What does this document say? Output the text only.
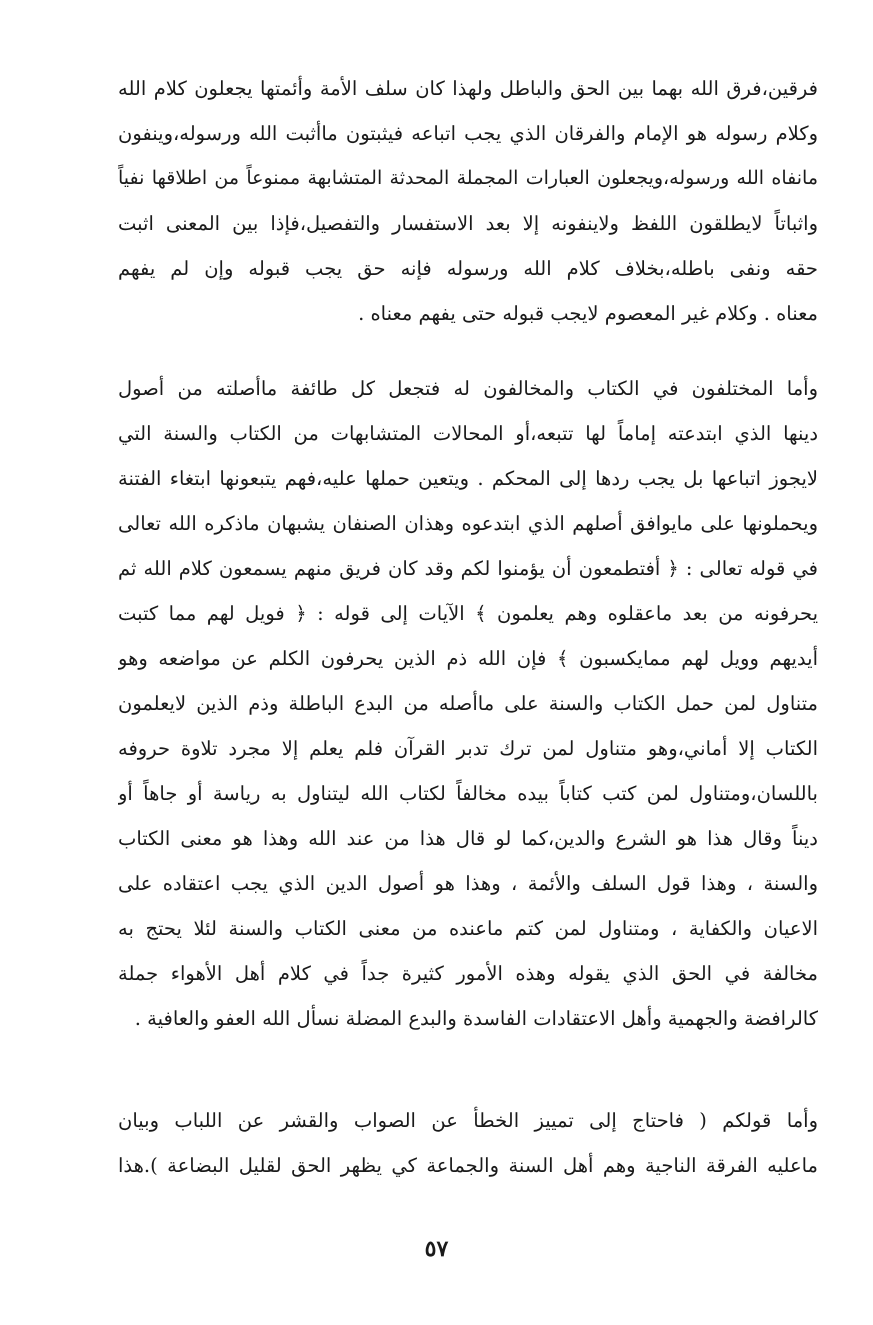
فرقين،فرق الله بهما بين الحق والباطل ولهذا كان سلف الأمة وأئمتها يجعلون كلام الله
وكلام رسوله هو الإمام والفرقان الذي يجب اتباعه فيثبتون ماأثبت الله ورسوله،وينفون
مانفاه الله ورسوله،ويجعلون العبارات المجملة المحدثة المتشابهة ممنوعاً من اطلاقها نفياً
واثباتاً لايطلقون اللفظ ولاينفونه إلا بعد الاستفسار والتفصيل،فإذا بين المعنى اثبت
حقه ونفى باطله،بخلاف كلام الله ورسوله فإنه حق يجب قبوله وإن لم يفهم
معناه . وكلام غير المعصوم لايجب قبوله حتى يفهم معناه .
وأما المختلفون في الكتاب والمخالفون له فتجعل كل طائفة ماأصلته من أصول
دينها الذي ابتدعته إماماً لها تتبعه،أو المحالات المتشابهات من الكتاب والسنة التي
لايجوز اتباعها بل يجب ردها إلى المحكم . ويتعين حملها عليه،فهم يتبعونها ابتغاء الفتنة
ويحملونها على مايوافق أصلهم الذي ابتدعوه وهذان الصنفان يشبهان ماذكره الله تعالى
في قوله تعالى : ﴿ أفتطمعون أن يؤمنوا لكم وقد كان فريق منهم يسمعون كلام الله ثم
يحرفونه من بعد ماعقلوه وهم يعلمون ﴾ الآيات إلى قوله : ﴿ فويل لهم مما كتبت
أيديهم وويل لهم ممايكسبون ﴾ فإن الله ذم الذين يحرفون الكلم عن مواضعه وهو
متناول لمن حمل الكتاب والسنة على ماأصله من البدع الباطلة وذم الذين لايعلمون
الكتاب إلا أماني،وهو متناول لمن ترك تدبر القرآن فلم يعلم إلا مجرد تلاوة حروفه
باللسان،ومتناول لمن كتب كتاباً بيده مخالفاً لكتاب الله ليتناول به رياسة أو جاهاً أو
ديناً وقال هذا هو الشرع والدين،كما لو قال هذا من عند الله وهذا هو معنى الكتاب
والسنة ، وهذا قول السلف والأئمة ، وهذا هو أصول الدين الذي يجب اعتقاده على
الاعيان والكفاية ، ومتناول لمن كتم ماعنده من معنى الكتاب والسنة لئلا يحتج به
مخالفة في الحق الذي يقوله وهذه الأمور كثيرة جداً في كلام أهل الأهواء جملة
كالرافضة والجهمية وأهل الاعتقادات الفاسدة والبدع المضلة نسأل الله العفو والعافية .
وأما قولكم ( فاحتاج إلى تمييز الخطأ عن الصواب والقشر عن اللباب وبيان
ماعليه الفرقة الناجية وهم أهل السنة والجماعة كي يظهر الحق لقليل البضاعة ).هذا
٥٧
